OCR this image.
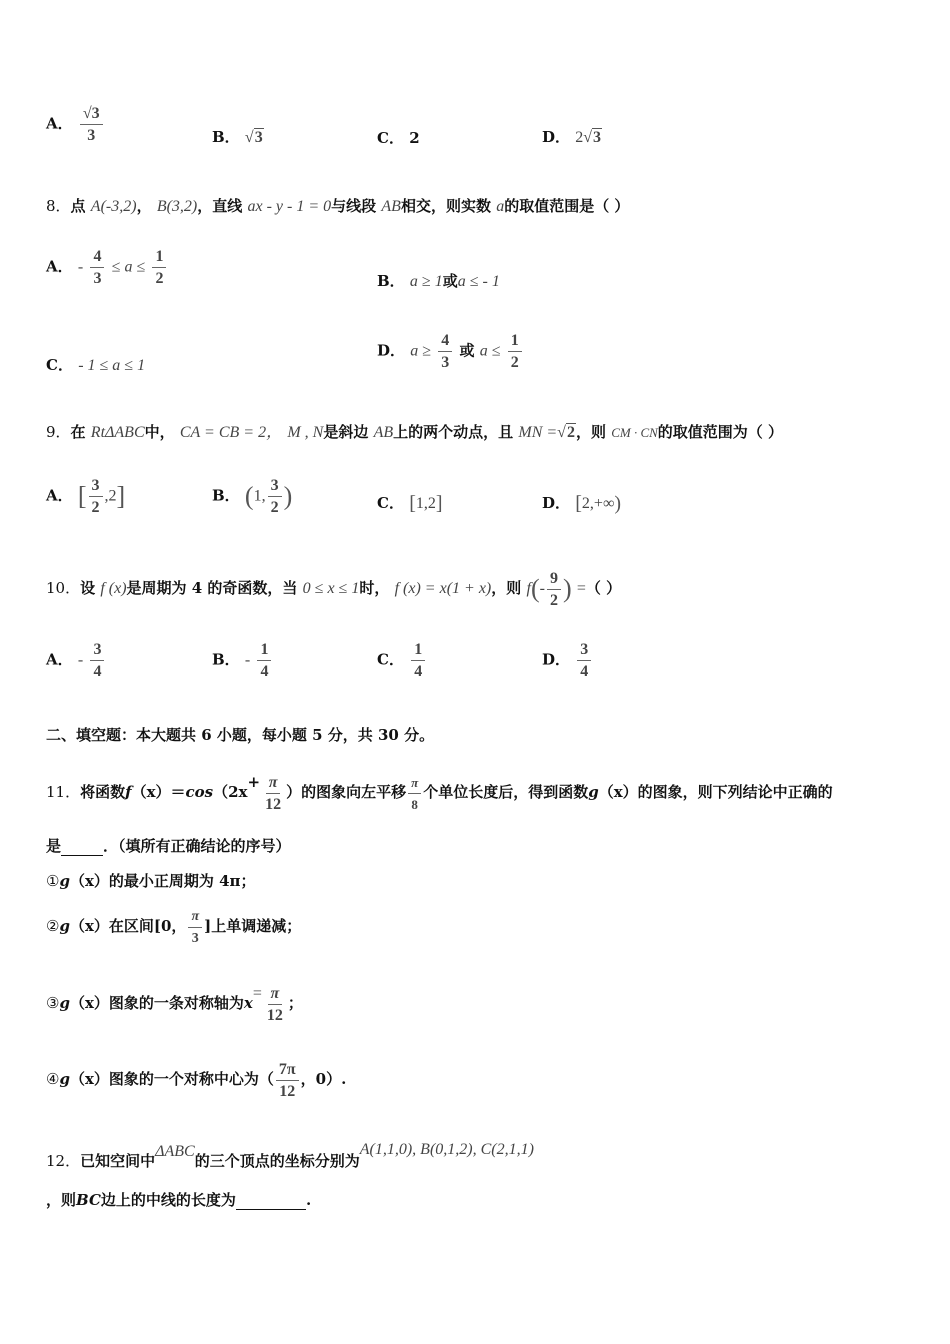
A． $\frac{√3}{3}$	B． √3	C． 2	D． 2√3
8．点 A(-3,2)， B(3,2)，直线 ax - y - 1 = 0与线段 AB相交，则实数 a的取值范围是（ ）
A． - $\frac{4}{3} \le a \le \frac{1}{2}$	B． a ≥ 1或a ≤ - 1
C． - 1 ≤ a ≤ 1
D． $a \ge \frac{4}{3}$ 或 $a \le \frac{1}{2}$
9．在 RtΔABC中， CA = CB = 2， M , N是斜边 AB上的两个动点，且 MN =√2，则 CM · CN的取值范围为（ ）
A． [ $\frac{3}{2} ,2$]	B． (1, $\frac{3}{2}$ )	C． [1,2]	D． [2,+∞)
10．设 f (x)是周期为 4 的奇函数，当 0 ≤ x ≤ 1时， f (x) = x(1 + x)，则 $f(- \frac{9}{2}$ ) =（ ）
A． - $\frac{3}{4}$	B． - $\frac{1}{4}$	C． $\frac{1}{4}$	D． $\frac{3}{4}$
二、填空题：本大题共 6 小题，每小题 5 分，共 30 分。
11．将函数$f(x)=\cos(2x+ \frac{\pi}{12}$ ）的图象向左平移 $\frac{\pi}{8}$ 个单位长度后，得到函数g（x）的图象，则下列结论中正确的
是	．（填所有正确结论的序号）
①g（x）的最小正周期为 4π；
②g（x）在区间[0， $\frac{\pi}{3}$ ]上单调递减；
③g（x）图象的一条对称轴为$x= \frac{\pi}{12}$ ；
④g（x）图象的一个对称中心为（ $\frac{7\pi}{12}$ ，0）.
12．已知空间中ΔABC的三个顶点的坐标分别为A(1,1,0), B(0,1,2), C(2,1,1)
，则BC边上的中线的长度为	.
